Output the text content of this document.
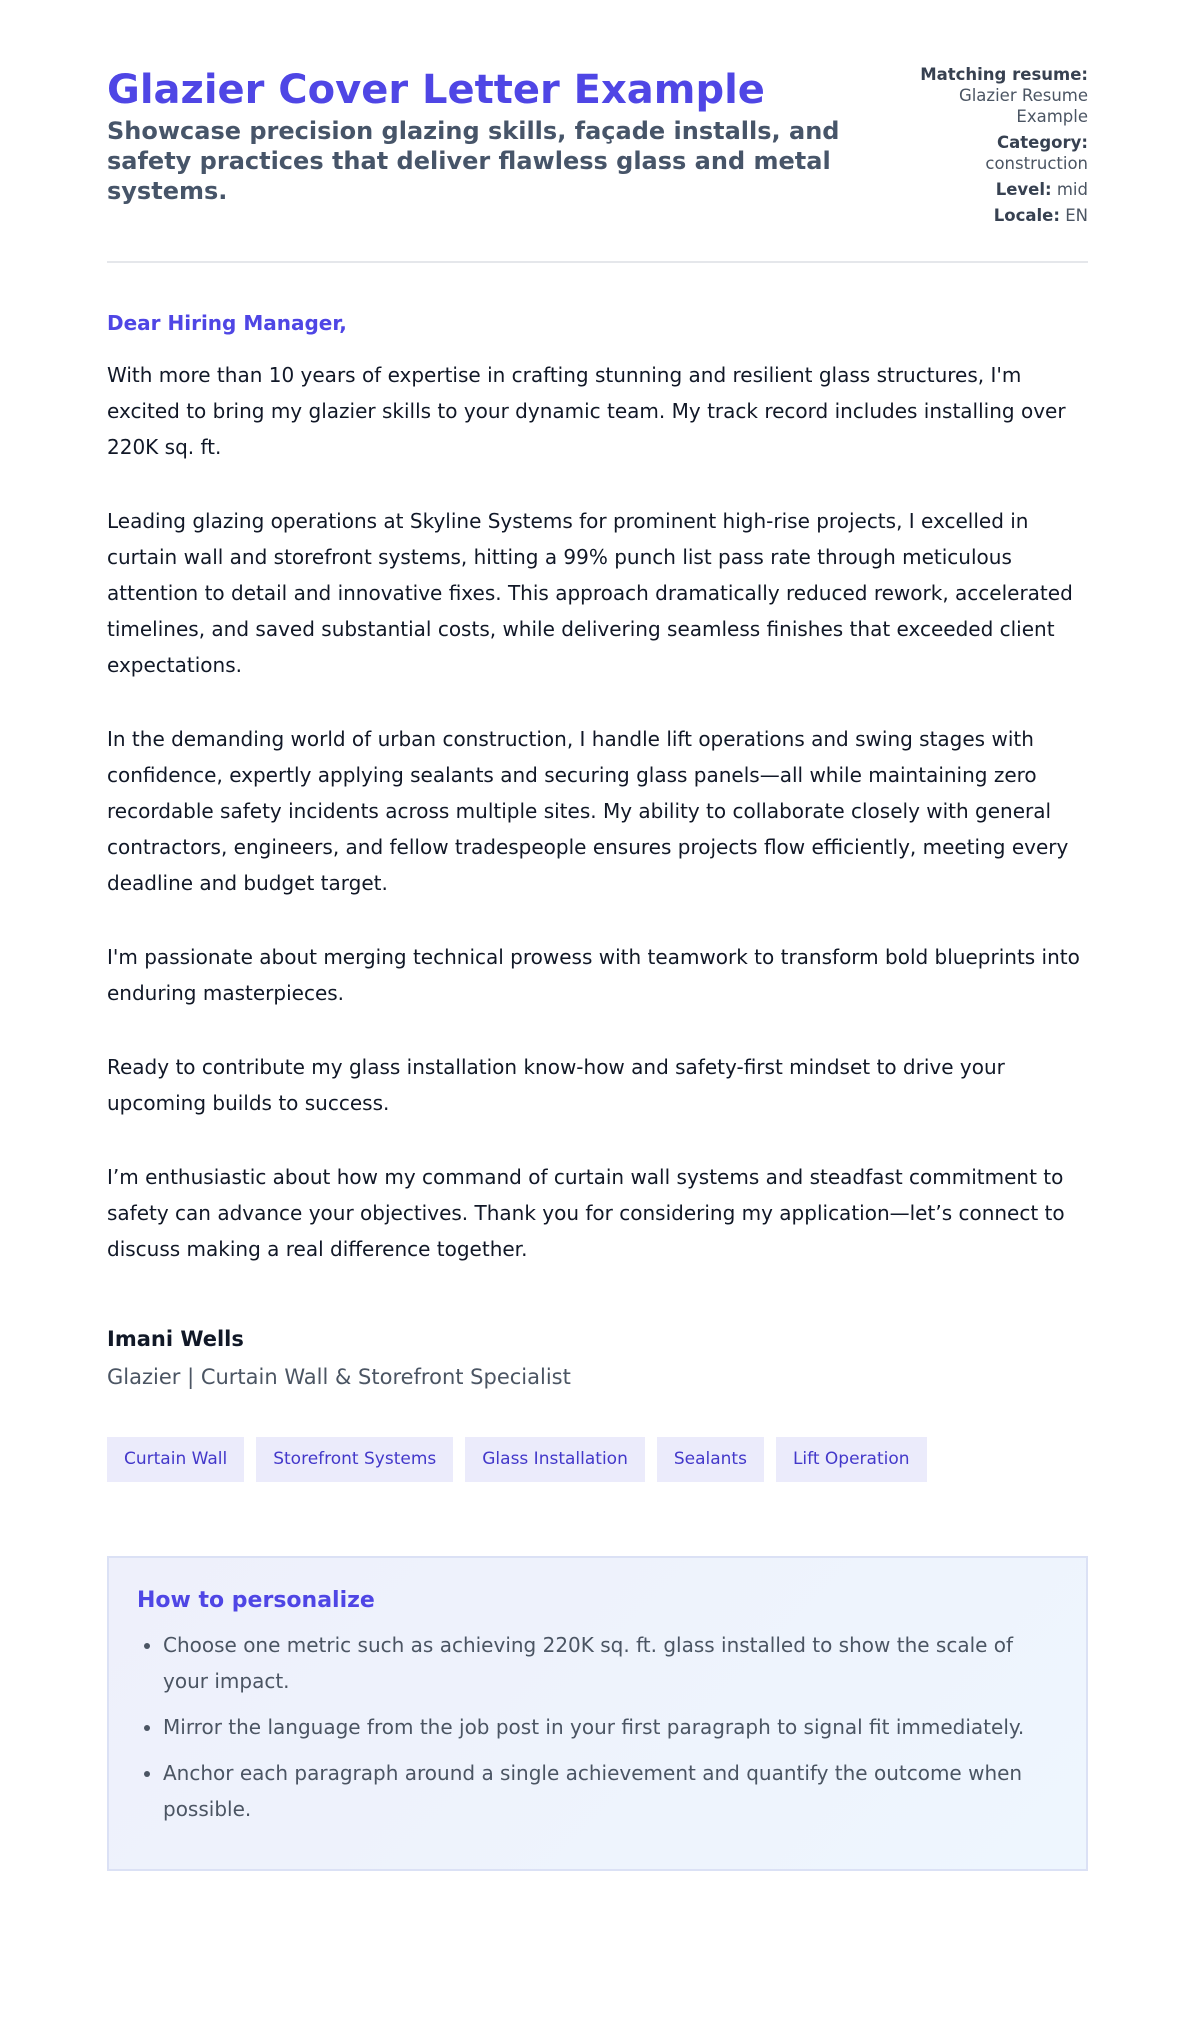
Glazier Cover Letter Example

Showcase precision glazing skills, façade installs, and safety practices that deliver flawless glass and metal systems.

Matching resume:
Glazier Resume Example
Category:
construction
Level: mid
Locale: EN
Dear Hiring Manager,

With more than 10 years of expertise in crafting stunning and resilient glass structures, I'm excited to bring my glazier skills to your dynamic team. My track record includes installing over 220K sq. ft.

Leading glazing operations at Skyline Systems for prominent high-rise projects, I excelled in curtain wall and storefront systems, hitting a 99% punch list pass rate through meticulous attention to detail and innovative fixes. This approach dramatically reduced rework, accelerated timelines, and saved substantial costs, while delivering seamless finishes that exceeded client expectations.

In the demanding world of urban construction, I handle lift operations and swing stages with confidence, expertly applying sealants and securing glass panels—all while maintaining zero recordable safety incidents across multiple sites. My ability to collaborate closely with general contractors, engineers, and fellow tradespeople ensures projects flow efficiently, meeting every deadline and budget target.

I'm passionate about merging technical prowess with teamwork to transform bold blueprints into enduring masterpieces.

Ready to contribute my glass installation know-how and safety-first mindset to drive your upcoming builds to success.

I’m enthusiastic about how my command of curtain wall systems and steadfast commitment to safety can advance your objectives. Thank you for considering my application—let’s connect to discuss making a real difference together.

Imani Wells
Glazier | Curtain Wall & Storefront Specialist
Curtain Wall	Storefront Systems	Glass Installation	Sealants	Lift Operation
How to personalize
• Choose one metric such as achieving 220K sq. ft. glass installed to show the scale of your impact.
• Mirror the language from the job post in your first paragraph to signal fit immediately.
• Anchor each paragraph around a single achievement and quantify the outcome when possible.
